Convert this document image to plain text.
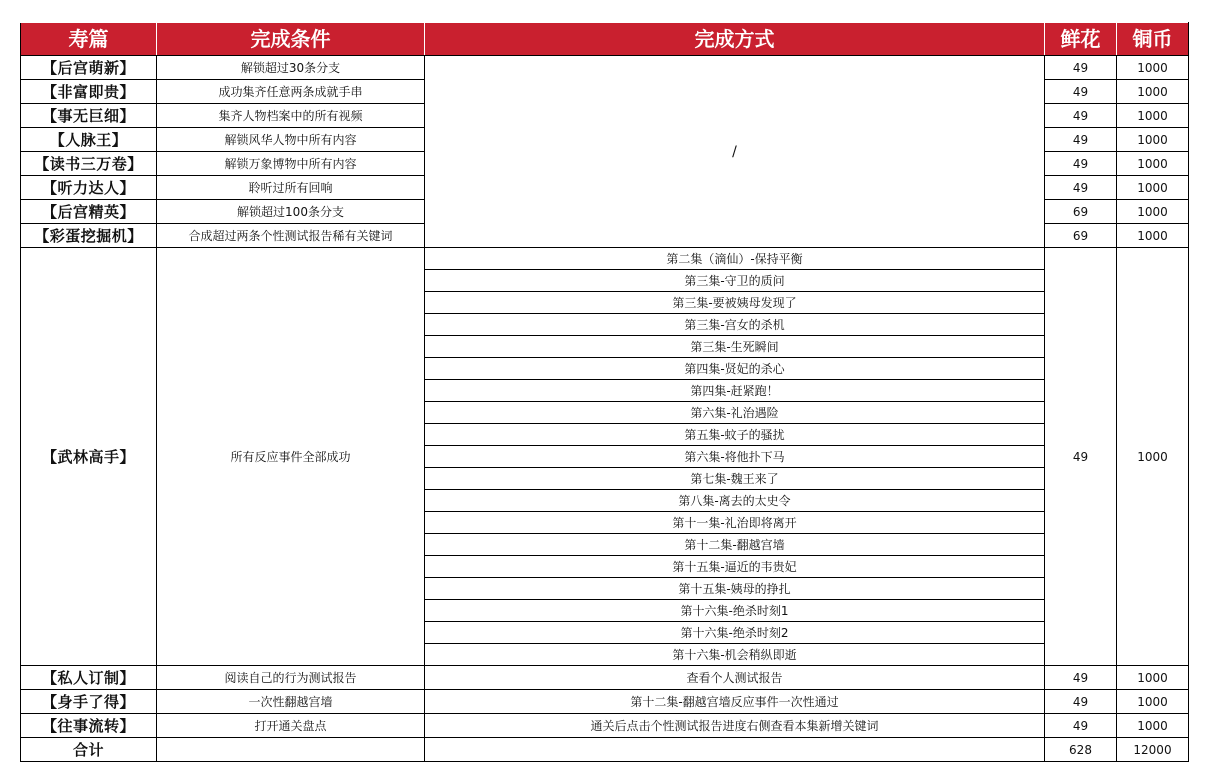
寿篇	完成条件	完成方式	鲜花	铜币
【后宫萌新】	解锁超过30条分支	/	49	1000
【非富即贵】	成功集齐任意两条成就手串		49	1000
【事无巨细】	集齐人物档案中的所有视频		49	1000
【人脉王】	解锁风华人物中所有内容		49	1000
【读书三万卷】	解锁万象博物中所有内容		49	1000
【听力达人】	聆听过所有回响		49	1000
【后宫精英】	解锁超过100条分支		69	1000
【彩蛋挖掘机】	合成超过两条个性测试报告稀有关键词		69	1000
【武林高手】	所有反应事件全部成功	第二集（滴仙）-保持平衡	49	1000
		第三集-守卫的质问		
		第三集-要被姨母发现了		
		第三集-宫女的杀机		
		第三集-生死瞬间		
		第四集-贤妃的杀心		
		第四集-赶紧跑！		
		第六集-礼治遇险		
		第五集-蚊子的骚扰		
		第六集-将他扑下马		
		第七集-魏王来了		
		第八集-离去的太史令		
		第十一集-礼治即将离开		
		第十二集-翻越宫墙		
		第十五集-逼近的韦贵妃		
		第十五集-姨母的挣扎		
		第十六集-绝杀时刻1		
		第十六集-绝杀时刻2		
		第十六集-机会稍纵即逝		
【私人订制】	阅读自己的行为测试报告	查看个人测试报告	49	1000
【身手了得】	一次性翻越宫墙	第十二集-翻越宫墙反应事件一次性通过	49	1000
【往事流转】	打开通关盘点	通关后点击个性测试报告进度右侧查看本集新增关键词	49	1000
合计			628	12000
